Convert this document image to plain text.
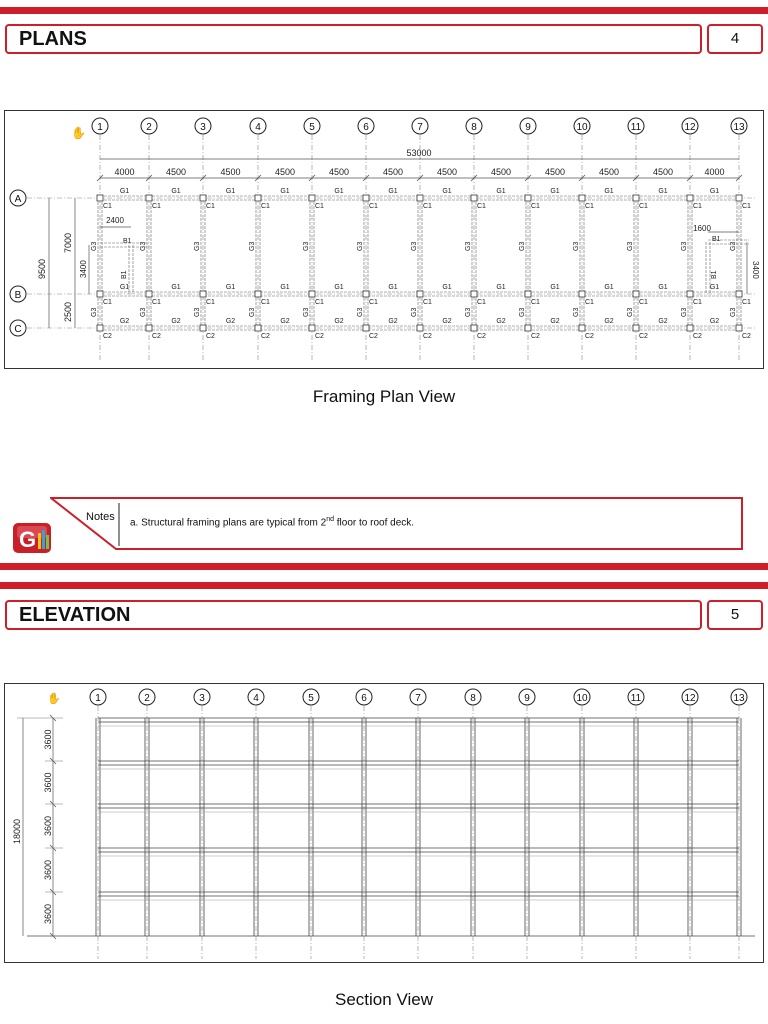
PLANS	4
✋ 1	2	3	4	5	6	7	8	9	10	11	12	13
A
B
C
53000
4000	4500	4500	4500	4500	4500	4500	4500	4500	4500	4500	4000
G1
G1
G2
G1
G1
G2
G1
G1
G2
G1
G1
G2
G1
G1
G2
G1
G1
G2
G1
G1
G2
G1
G1
G2
G1
G1
G2
G1
G1
G2
G1
G1
G2
G1
G1
G2
G3
C1
C1
C2
G3
G3
C1
C1
C2
G3
G3
C1
C1
C2
G3
G3
C1
C1
C2
G3
G3
C1
C1
C2
G3
G3
C1
C1
C2
G3
G3
C1
C1
C2
G3
G3
C1
C1
C2
G3
G3
C1
C1
C2
G3
G3
C1
C1
C2
G3
G3
C1
C1
C2
G3
G3
C1
C1
C2
G3
C1
C1
C2
G3	G3
2400
B1
B1
1600
B1
B1	3400
9500
7000
3400
2500
Framing Plan View
G
Notes a. Structural framing plans are typical from 2nd floor to roof deck.
ELEVATION	5
✋	1	2	3	4	5	6	7	8	9	10	11	12	13
3600
3600
3600
3600
3600
18000
Section View
